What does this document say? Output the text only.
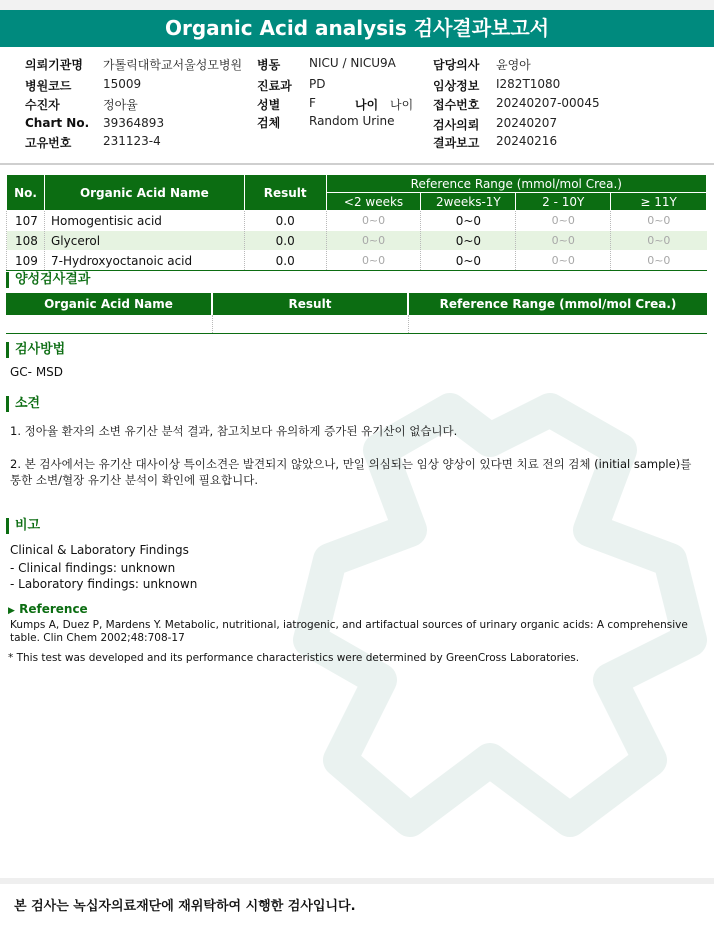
Organic Acid analysis 검사결과보고서
의뢰기관명 가톨릭대학교서울성모병원
병원코드	15009
수진자	정아율
Chart No. 39364893
고유번호	231123-4
병동 NICU / NICU9A
진료과 PD
성별 F	나이 나이
검체 Random Urine
담당의사 윤영아
임상정보 I282T1080
접수번호 20240207-00045
검사의뢰 20240207
결과보고 20240216
No.	Organic Acid Name	Result	Reference Range (mmol/mol Crea.)			
			<2 weeks	2weeks-1Y	2 - 10Y	≥ 11Y
107	Homogentisic acid	0.0	0~0	0~0	0~0	0~0
108	Glycerol	0.0	0~0	0~0	0~0	0~0
109	7-Hydroxyoctanoic acid	0.0	0~0	0~0	0~0	0~0
양성검사결과
Organic Acid Name	Result	Reference Range (mmol/mol Crea.)

검사방법
GC- MSD
소견
1. 정아율 환자의 소변 유기산 분석 결과, 참고치보다 유의하게 증가된 유기산이 없습니다.
2. 본 검사에서는 유기산 대사이상 특이소견은 발견되지 않았으나, 만일 의심되는 임상 양상이 있다면 치료 전의 검체 (initial sample)를
통한 소변/혈장 유기산 분석이 확인에 필요합니다.
비고
Clinical & Laboratory Findings
- Clinical findings: unknown
- Laboratory findings: unknown
▶ Reference
Kumps A, Duez P, Mardens Y. Metabolic, nutritional, iatrogenic, and artifactual sources of urinary organic acids: A comprehensive
table. Clin Chem 2002;48:708-17
* This test was developed and its performance characteristics were determined by GreenCross Laboratories.
본 검사는 녹십자의료재단에 재위탁하여 시행한 검사입니다.
